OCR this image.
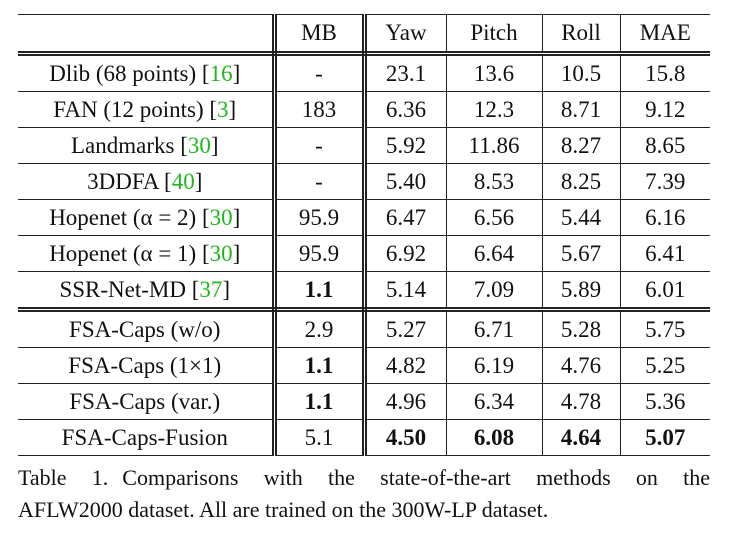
	MB	Yaw	Pitch	Roll	MAE
Dlib (68 points) [16]	-	23.1	13.6	10.5	15.8
FAN (12 points) [3]	183	6.36	12.3	8.71	9.12
Landmarks [30]	-	5.92	11.86	8.27	8.65
3DDFA [40]	-	5.40	8.53	8.25	7.39
Hopenet (α = 2) [30]	95.9	6.47	6.56	5.44	6.16
Hopenet (α = 1) [30]	95.9	6.92	6.64	5.67	6.41
SSR-Net-MD [37]	1.1	5.14	7.09	5.89	6.01
FSA-Caps (w/o)	2.9	5.27	6.71	5.28	5.75
FSA-Caps (1×1)	1.1	4.82	6.19	4.76	5.25
FSA-Caps (var.)	1.1	4.96	6.34	4.78	5.36
FSA-Caps-Fusion	5.1	4.50	6.08	4.64	5.07
Table 1. Comparisons with the state-of-the-art methods on the
AFLW2000 dataset. All are trained on the 300W-LP dataset.
